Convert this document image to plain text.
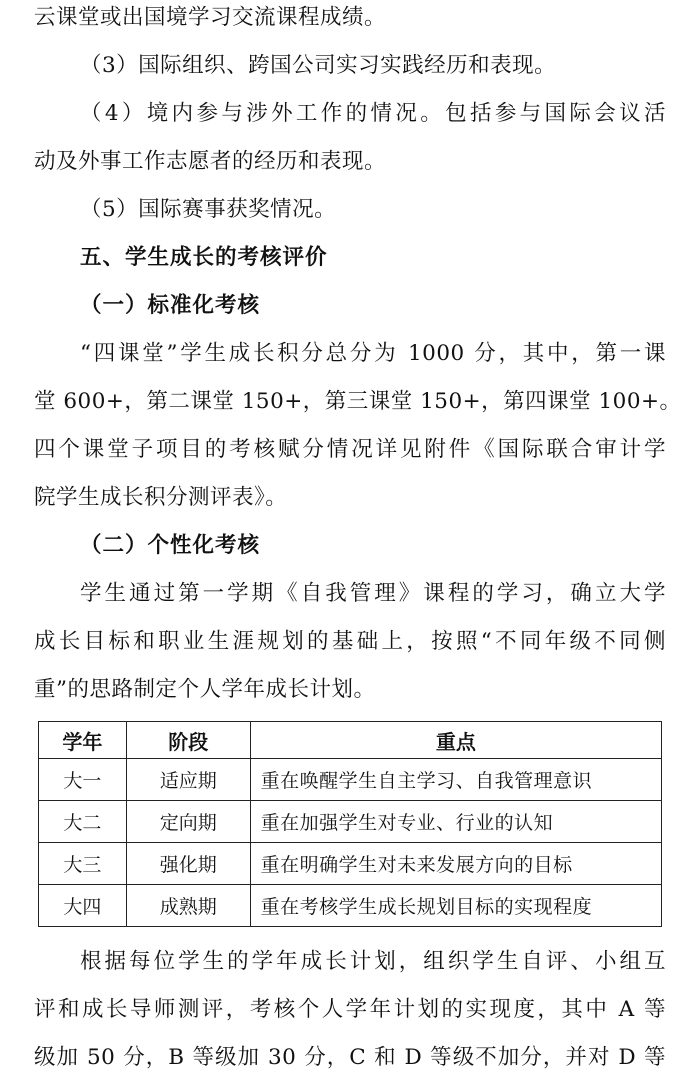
云课堂或出国境学习交流课程成绩。
（3）国际组织、跨国公司实习实践经历和表现。
（4）境内参与涉外工作的情况。包括参与国际会议活
动及外事工作志愿者的经历和表现。
（5）国际赛事获奖情况。
五、学生成长的考核评价
（一）标准化考核
“四课堂”学生成长积分总分为 1000 分，其中，第一课
堂 600+，第二课堂 150+，第三课堂 150+，第四课堂 100+。
四个课堂子项目的考核赋分情况详见附件《国际联合审计学
院学生成长积分测评表》。
（二）个性化考核
学生通过第一学期《自我管理》课程的学习，确立大学
成长目标和职业生涯规划的基础上，按照“不同年级不同侧
重”的思路制定个人学年成长计划。
学年	阶段	重点
大一	适应期	重在唤醒学生自主学习、自我管理意识
大二	定向期	重在加强学生对专业、行业的认知
大三	强化期	重在明确学生对未来发展方向的目标
大四	成熟期	重在考核学生成长规划目标的实现程度
根据每位学生的学年成长计划，组织学生自评、小组互
评和成长导师测评，考核个人学年计划的实现度，其中 A 等
级加 50 分，B 等级加 30 分，C 和 D 等级不加分，并对 D 等
